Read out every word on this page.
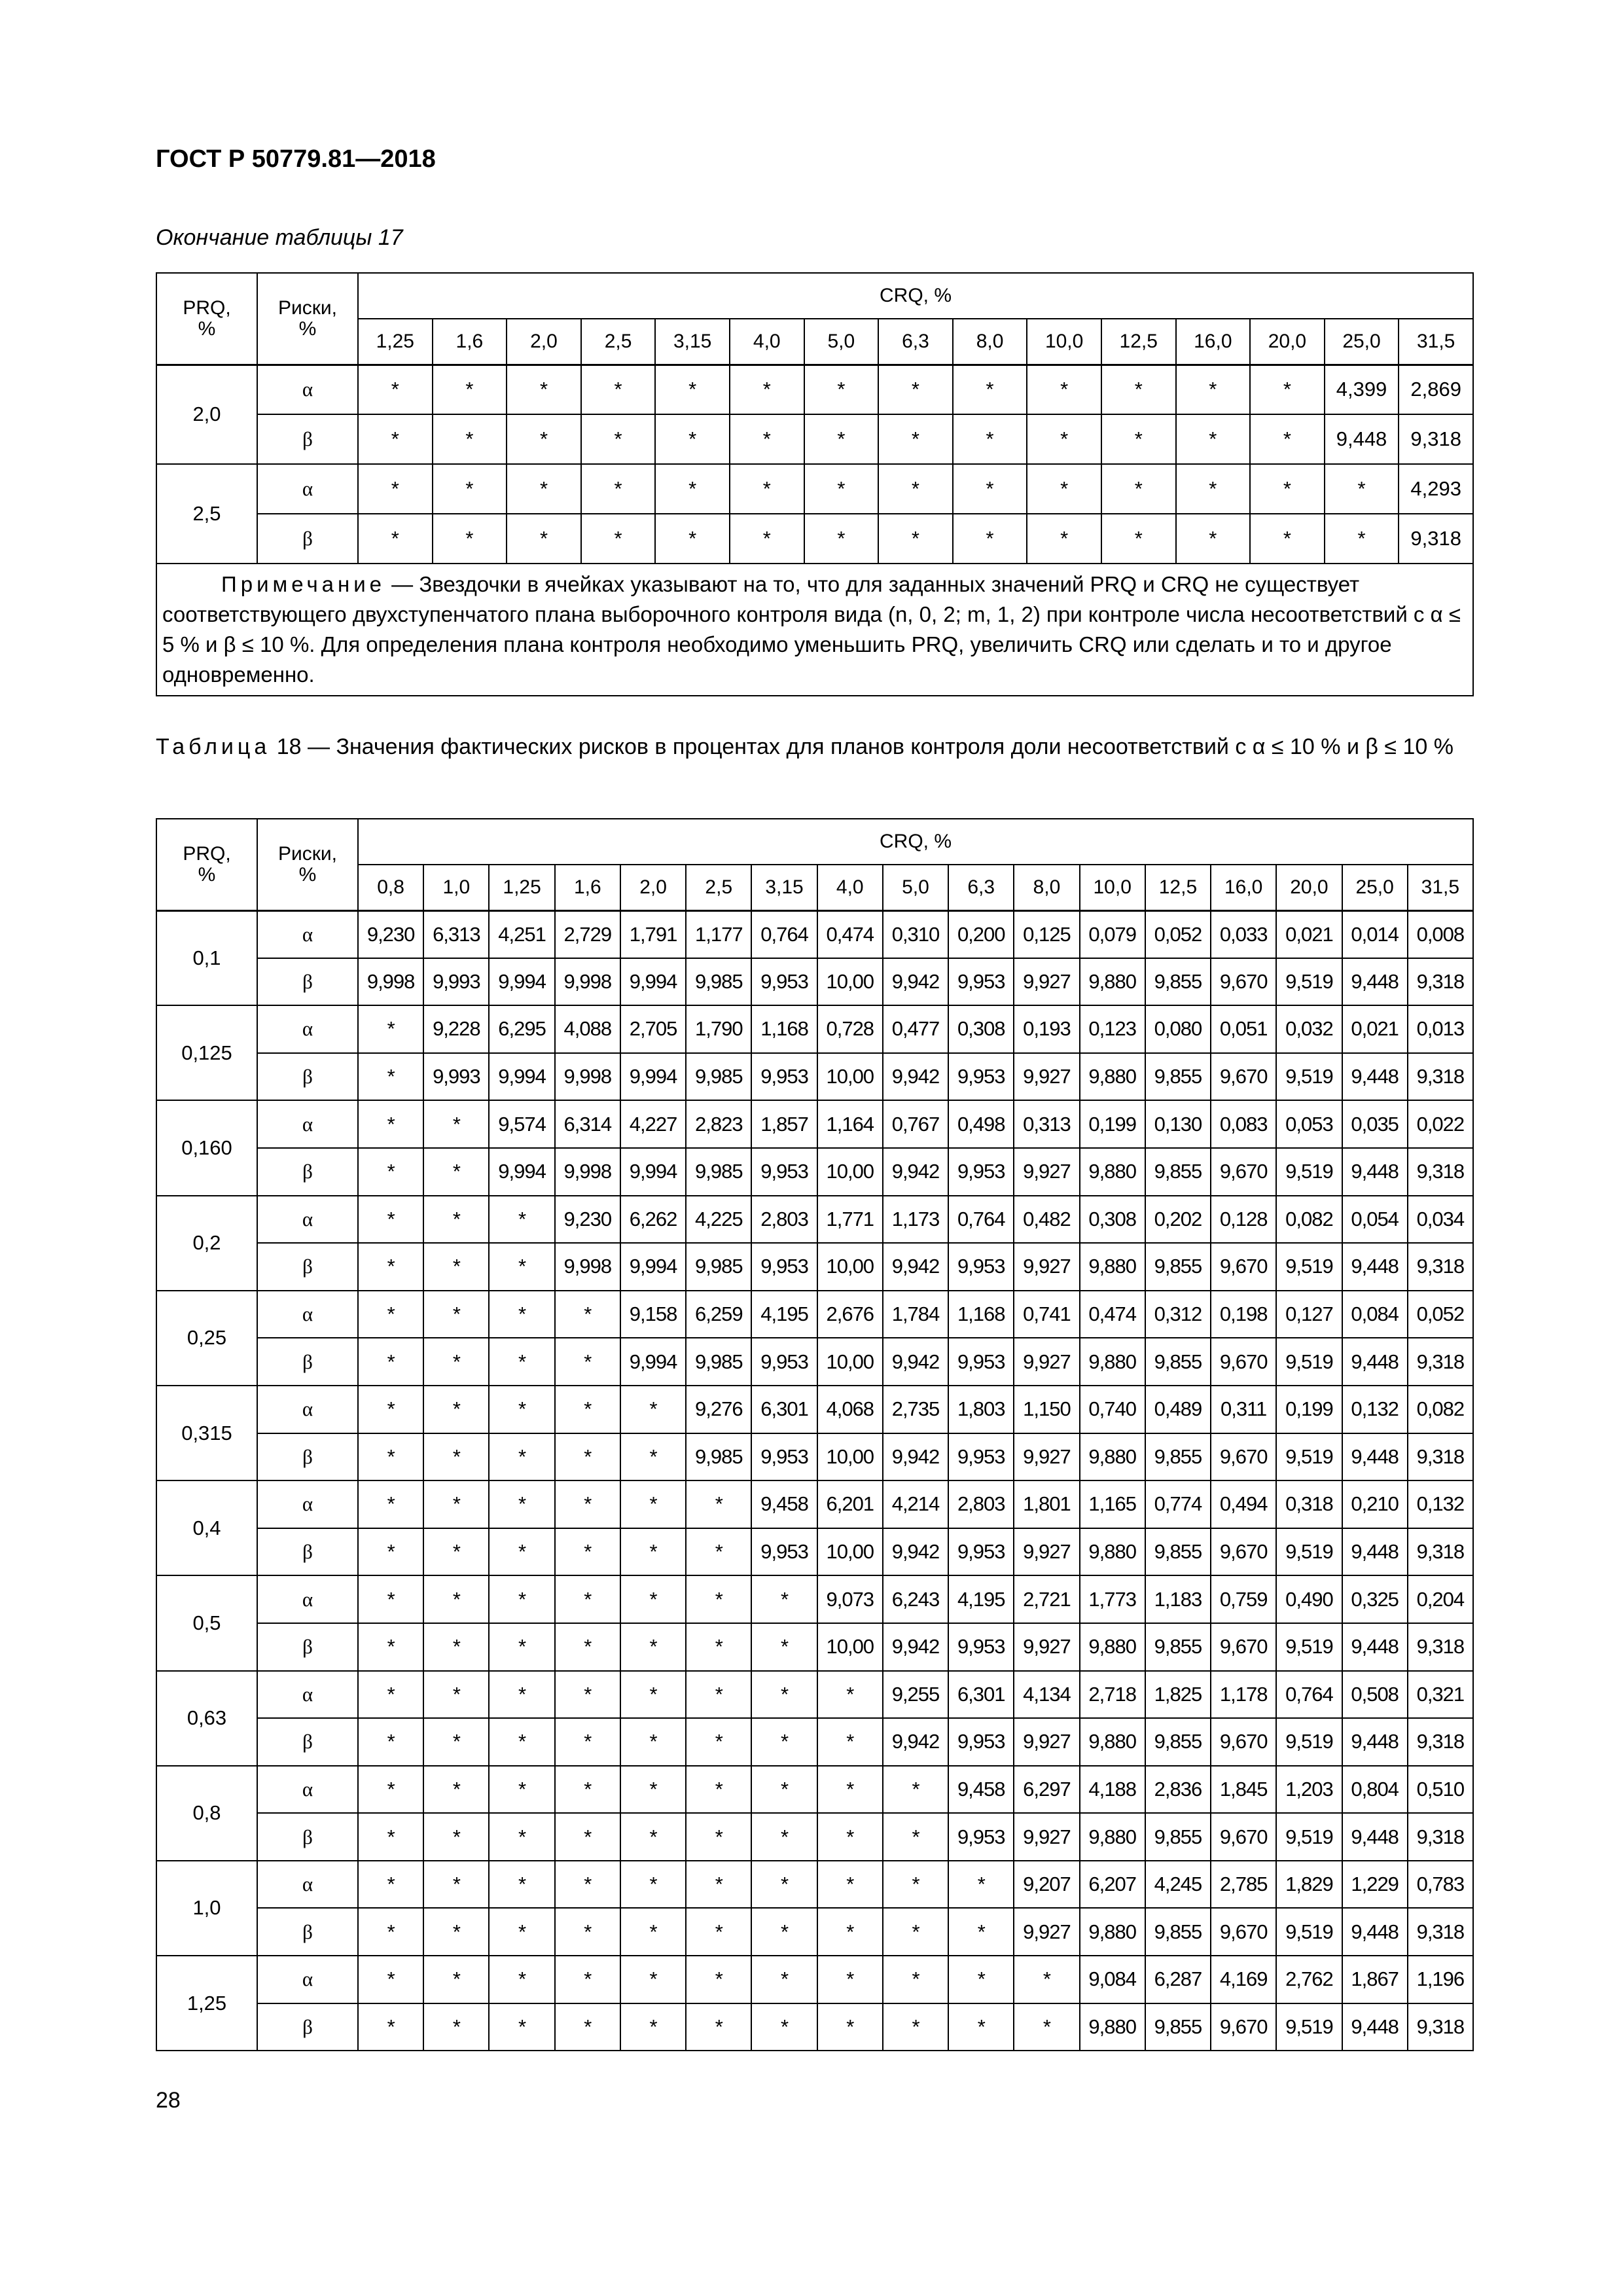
ГОСТ Р 50779.81—2018
Окончание таблицы 17
PRQ, %	Риски, %	CRQ, %														
		1,25	1,6	2,0	2,5	3,15	4,0	5,0	6,3	8,0	10,0	12,5	16,0	20,0	25,0	31,5
2,0	α	*	*	*	*	*	*	*	*	*	*	*	*	*	4,399	2,869
	β	*	*	*	*	*	*	*	*	*	*	*	*	*	9,448	9,318
2,5	α	*	*	*	*	*	*	*	*	*	*	*	*	*	*	4,293
	β	*	*	*	*	*	*	*	*	*	*	*	*	*	*	9,318
Примечание — Звездочки в ячейках указывают на то, что для заданных значений PRQ и CRQ не существует соответствующего двухступенчатого плана выборочного контроля вида (n, 0, 2; m, 1, 2) при контроле числа несоответствий с α ≤ 5 % и β ≤ 10 %. Для определения плана контроля необходимо уменьшить PRQ, увеличить CRQ или сделать и то и другое одновременно.																
Таблица 18 — Значения фактических рисков в процентах для планов контроля доли несоответствий с α ≤ 10 % и β ≤ 10 %
PRQ, %	Риски, %	CRQ, %																
		0,8	1,0	1,25	1,6	2,0	2,5	3,15	4,0	5,0	6,3	8,0	10,0	12,5	16,0	20,0	25,0	31,5
0,1	α	9,230	6,313	4,251	2,729	1,791	1,177	0,764	0,474	0,310	0,200	0,125	0,079	0,052	0,033	0,021	0,014	0,008
	β	9,998	9,993	9,994	9,998	9,994	9,985	9,953	10,00	9,942	9,953	9,927	9,880	9,855	9,670	9,519	9,448	9,318
0,125	α	*	9,228	6,295	4,088	2,705	1,790	1,168	0,728	0,477	0,308	0,193	0,123	0,080	0,051	0,032	0,021	0,013
	β	*	9,993	9,994	9,998	9,994	9,985	9,953	10,00	9,942	9,953	9,927	9,880	9,855	9,670	9,519	9,448	9,318
0,160	α	*	*	9,574	6,314	4,227	2,823	1,857	1,164	0,767	0,498	0,313	0,199	0,130	0,083	0,053	0,035	0,022
	β	*	*	9,994	9,998	9,994	9,985	9,953	10,00	9,942	9,953	9,927	9,880	9,855	9,670	9,519	9,448	9,318
0,2	α	*	*	*	9,230	6,262	4,225	2,803	1,771	1,173	0,764	0,482	0,308	0,202	0,128	0,082	0,054	0,034
	β	*	*	*	9,998	9,994	9,985	9,953	10,00	9,942	9,953	9,927	9,880	9,855	9,670	9,519	9,448	9,318
0,25	α	*	*	*	*	9,158	6,259	4,195	2,676	1,784	1,168	0,741	0,474	0,312	0,198	0,127	0,084	0,052
	β	*	*	*	*	9,994	9,985	9,953	10,00	9,942	9,953	9,927	9,880	9,855	9,670	9,519	9,448	9,318
0,315	α	*	*	*	*	*	9,276	6,301	4,068	2,735	1,803	1,150	0,740	0,489	0,311	0,199	0,132	0,082
	β	*	*	*	*	*	9,985	9,953	10,00	9,942	9,953	9,927	9,880	9,855	9,670	9,519	9,448	9,318
0,4	α	*	*	*	*	*	*	9,458	6,201	4,214	2,803	1,801	1,165	0,774	0,494	0,318	0,210	0,132
	β	*	*	*	*	*	*	9,953	10,00	9,942	9,953	9,927	9,880	9,855	9,670	9,519	9,448	9,318
0,5	α	*	*	*	*	*	*	*	9,073	6,243	4,195	2,721	1,773	1,183	0,759	0,490	0,325	0,204
	β	*	*	*	*	*	*	*	10,00	9,942	9,953	9,927	9,880	9,855	9,670	9,519	9,448	9,318
0,63	α	*	*	*	*	*	*	*	*	9,255	6,301	4,134	2,718	1,825	1,178	0,764	0,508	0,321
	β	*	*	*	*	*	*	*	*	9,942	9,953	9,927	9,880	9,855	9,670	9,519	9,448	9,318
0,8	α	*	*	*	*	*	*	*	*	*	9,458	6,297	4,188	2,836	1,845	1,203	0,804	0,510
	β	*	*	*	*	*	*	*	*	*	9,953	9,927	9,880	9,855	9,670	9,519	9,448	9,318
1,0	α	*	*	*	*	*	*	*	*	*	*	9,207	6,207	4,245	2,785	1,829	1,229	0,783
	β	*	*	*	*	*	*	*	*	*	*	9,927	9,880	9,855	9,670	9,519	9,448	9,318
1,25	α	*	*	*	*	*	*	*	*	*	*	*	9,084	6,287	4,169	2,762	1,867	1,196
	β	*	*	*	*	*	*	*	*	*	*	*	9,880	9,855	9,670	9,519	9,448	9,318
28
